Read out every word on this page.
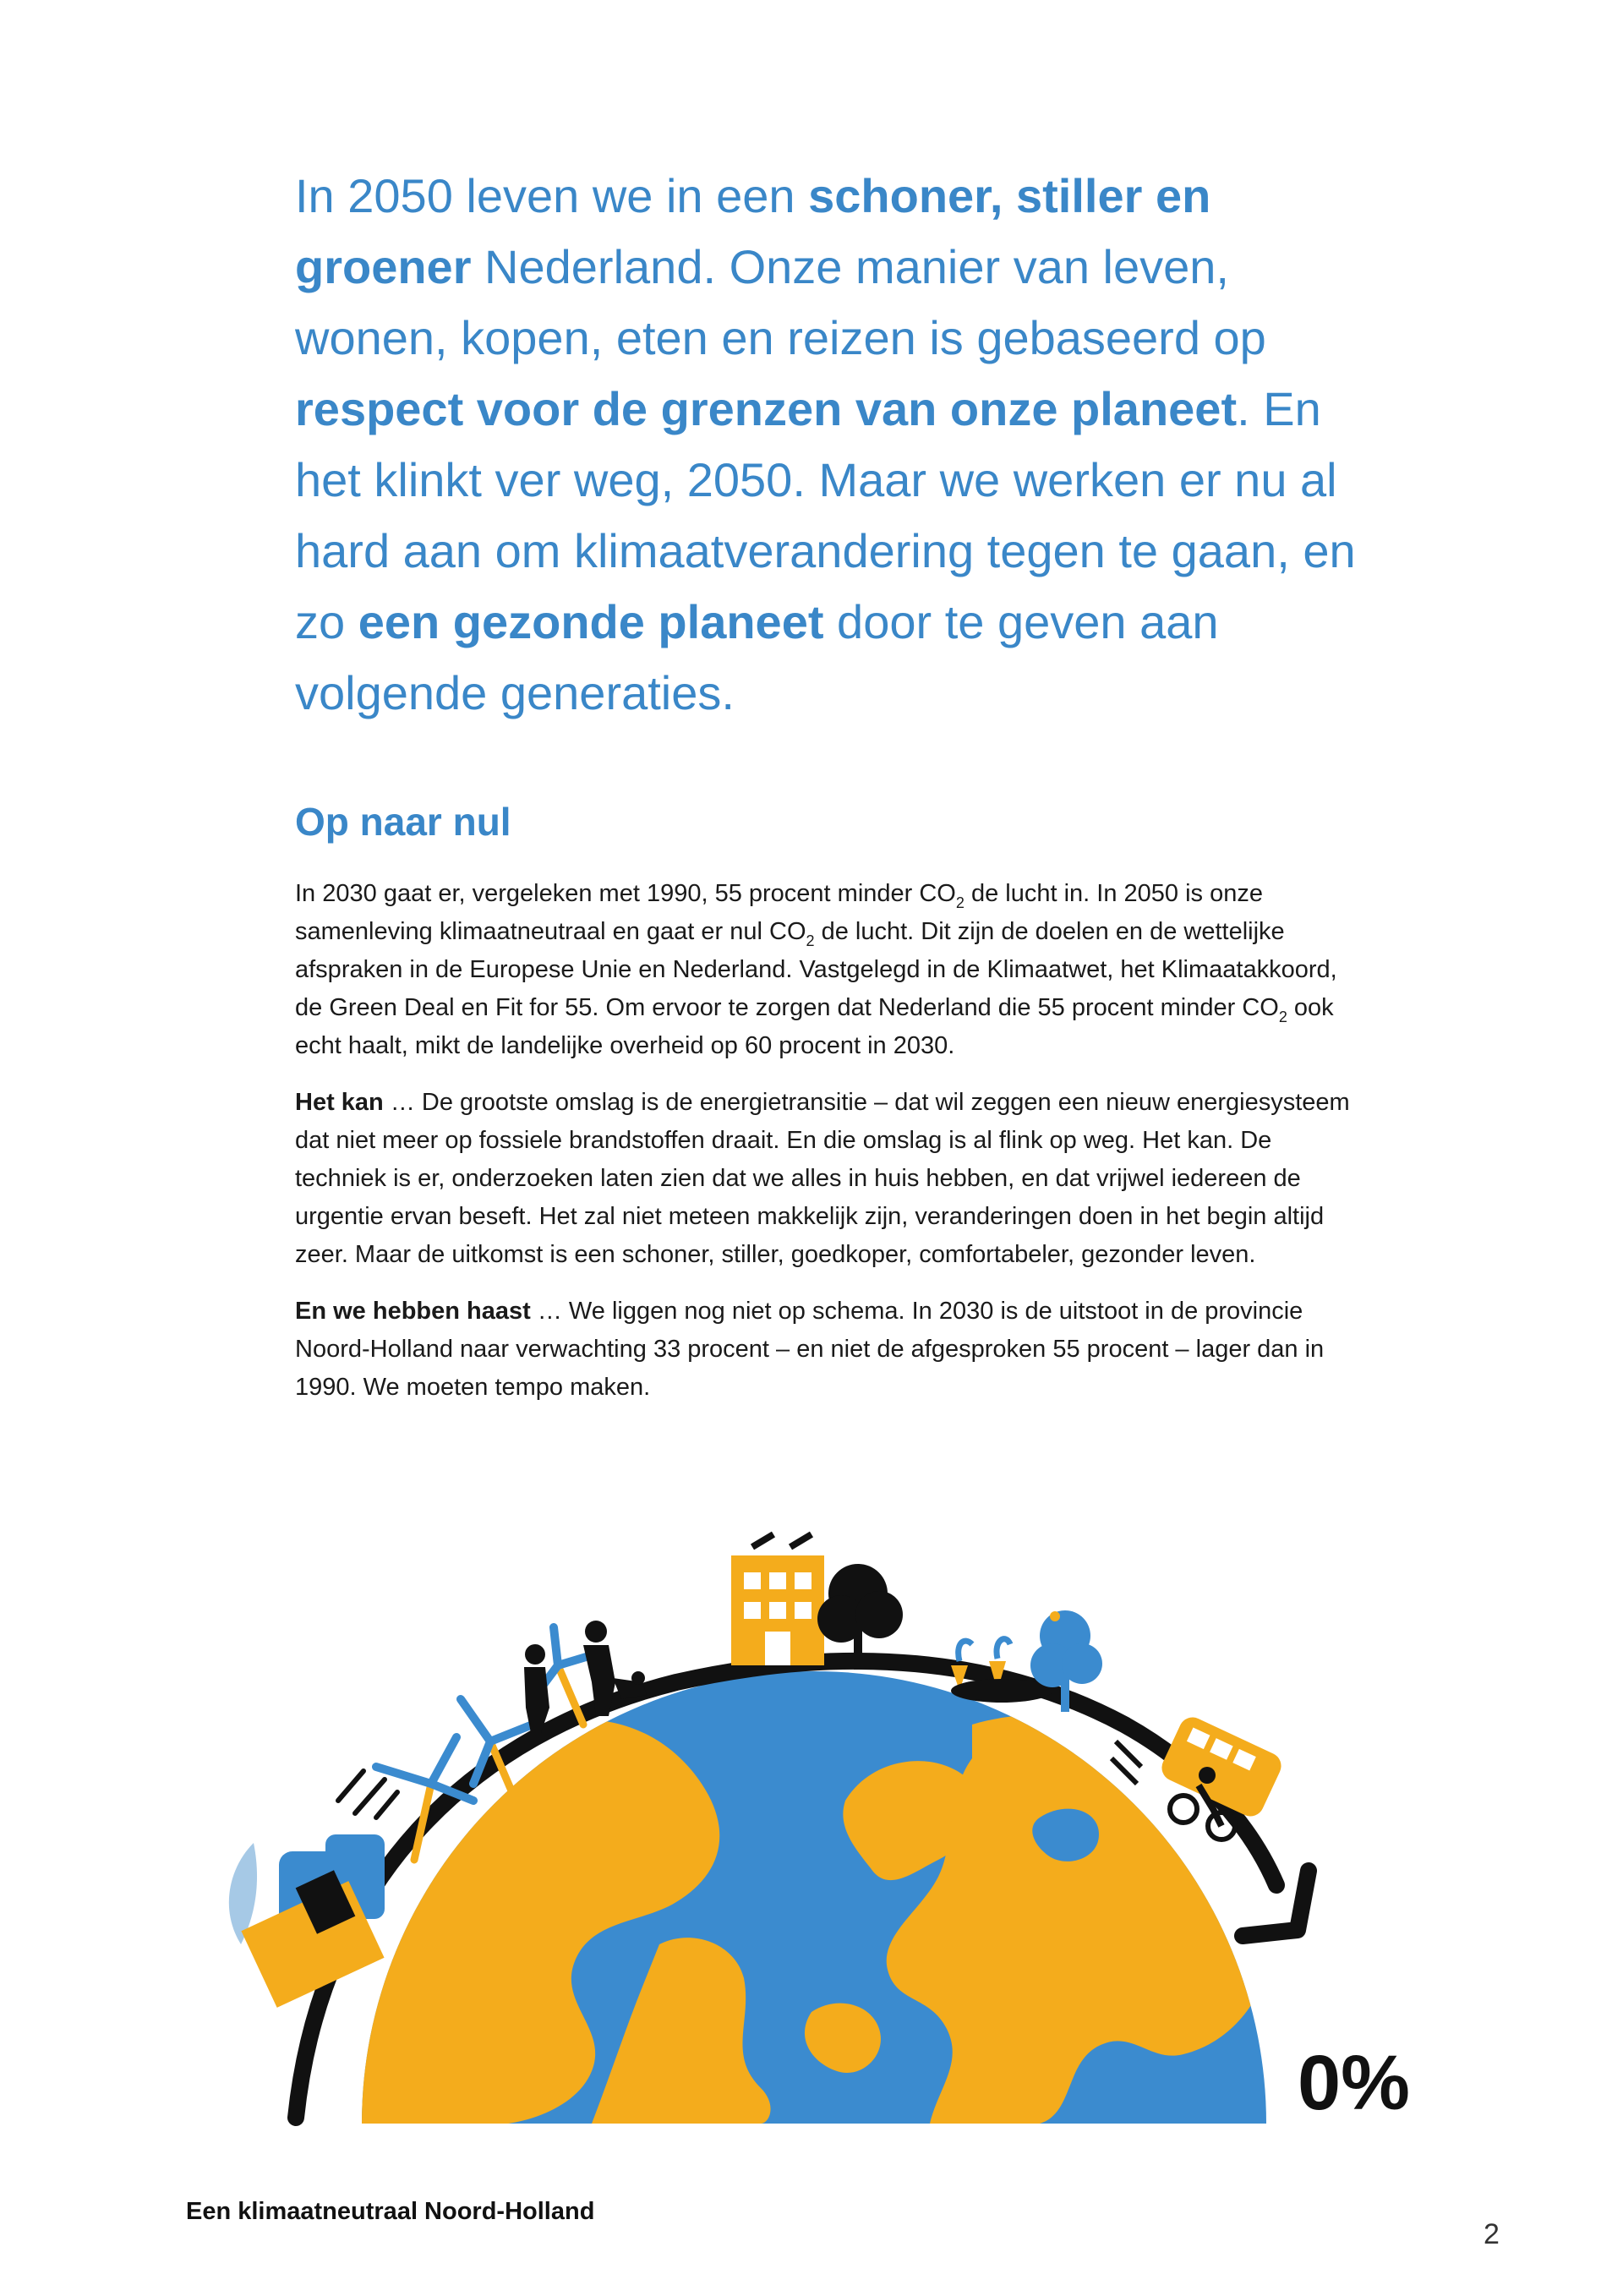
In 2050 leven we in een schoner, stiller en groener Nederland. Onze manier van leven, wonen, kopen, eten en reizen is gebaseerd op respect voor de grenzen van onze planeet. En het klinkt ver weg, 2050. Maar we werken er nu al hard aan om klimaatverandering tegen te gaan, en zo een gezonde planeet door te geven aan volgende generaties.

Op naar nul

In 2030 gaat er, vergeleken met 1990, 55 procent minder $CO_2$ de lucht in. In 2050 is onze samenleving klimaatneutraal en gaat er nul $CO_2$ de lucht. Dit zijn de doelen en de wettelijke afspraken in de Europese Unie en Nederland. Vastgelegd in de Klimaatwet, het Klimaatakkoord, de Green Deal en Fit for 55. Om ervoor te zorgen dat Nederland die 55 procent minder $CO_2$ ook echt haalt, mikt de landelijke overheid op 60 procent in 2030.

Het kan … De grootste omslag is de energietransitie – dat wil zeggen een nieuw energiesysteem dat niet meer op fossiele brandstoffen draait. En die omslag is al flink op weg. Het kan. De techniek is er, onderzoeken laten zien dat we alles in huis hebben, en dat vrijwel iedereen de urgentie ervan beseft. Het zal niet meteen makkelijk zijn, veranderingen doen in het begin altijd zeer. Maar de uitkomst is een schoner, stiller, goedkoper, comfortabeler, gezonder leven.

En we hebben haast … We liggen nog niet op schema. In 2030 is de uitstoot in de provincie Noord-Holland naar verwachting 33 procent – en niet de afgesproken 55 procent – lager dan in 1990. We moeten tempo maken.

0%

Een klimaatneutraal Noord-Holland

2
